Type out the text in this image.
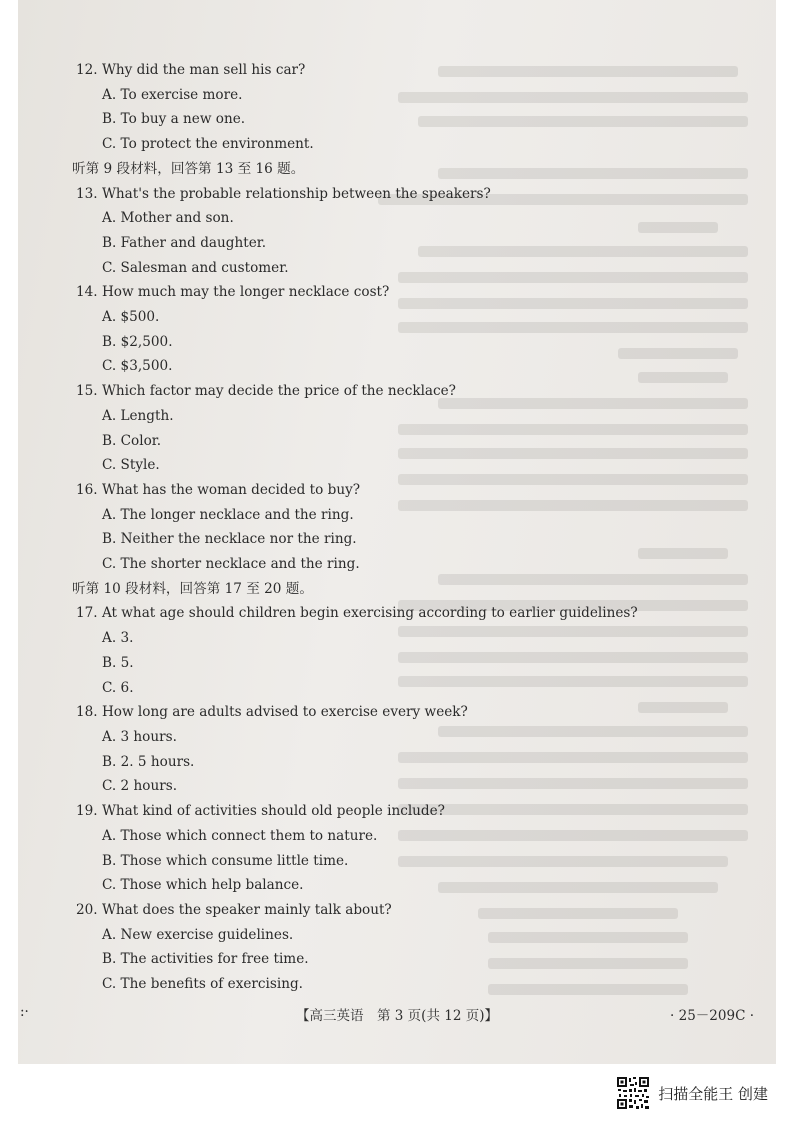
12. Why did the man sell his car?

A. To exercise more.

B. To buy a new one.

C. To protect the environment.

听第 9 段材料，回答第 13 至 16 题。

13. What's the probable relationship between the speakers?

A. Mother and son.

B. Father and daughter.

C. Salesman and customer.

14. How much may the longer necklace cost?

A. $500.

B. $2,500.

C. $3,500.

15. Which factor may decide the price of the necklace?

A. Length.

B. Color.

C. Style.

16. What has the woman decided to buy?

A. The longer necklace and the ring.

B. Neither the necklace nor the ring.

C. The shorter necklace and the ring.

听第 10 段材料，回答第 17 至 20 题。

17. At what age should children begin exercising according to earlier guidelines?

A. 3.

B. 5.

C. 6.

18. How long are adults advised to exercise every week?

A. 3 hours.

B. 2. 5 hours.

C. 2 hours.

19. What kind of activities should old people include?

A. Those which connect them to nature.

B. Those which consume little time.

C. Those which help balance.

20. What does the speaker mainly talk about?

A. New exercise guidelines.

B. The activities for free time.

C. The benefits of exercising.

:·	【高三英语　第 3 页(共 12 页)】	· 25－209C ·
扫描全能王 创建
